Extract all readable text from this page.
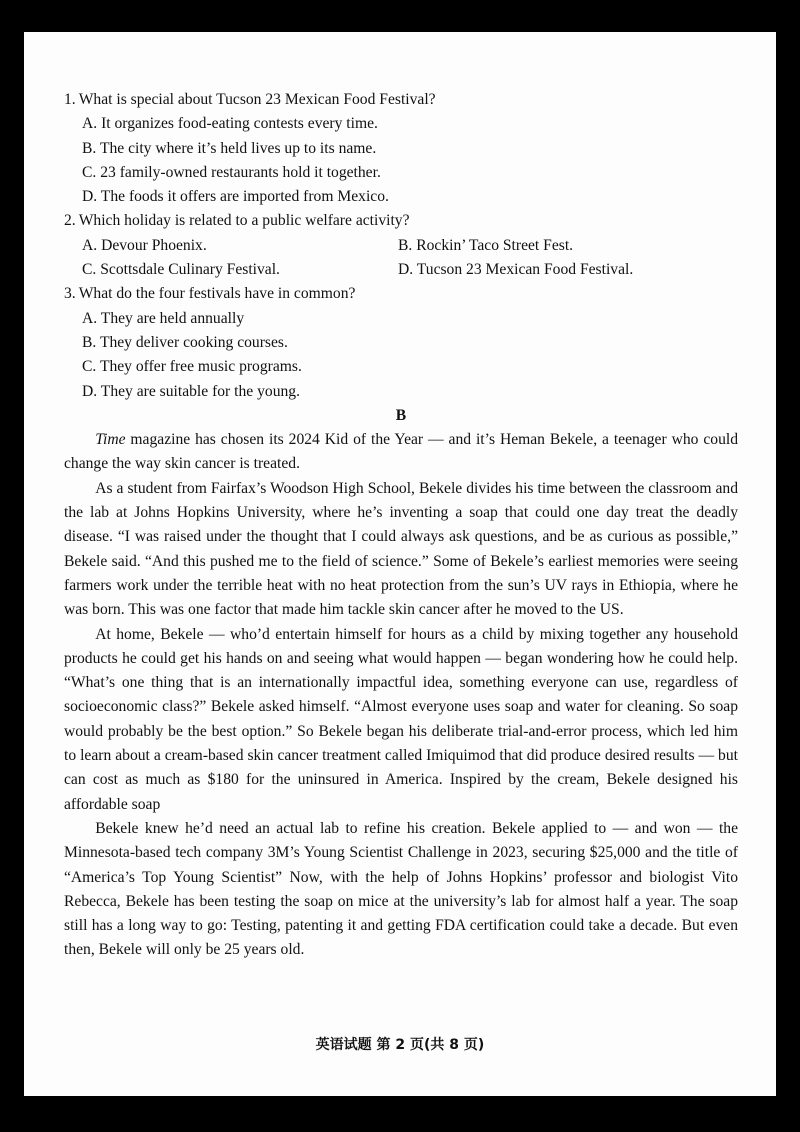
1. What is special about Tucson 23 Mexican Food Festival?

A. It organizes food-eating contests every time.

B. The city where it’s held lives up to its name.

C. 23 family-owned restaurants hold it together.

D. The foods it offers are imported from Mexico.

2. Which holiday is related to a public welfare activity?

A. Devour Phoenix.	B. Rockin’ Taco Street Fest.

C. Scottsdale Culinary Festival.	D. Tucson 23 Mexican Food Festival.

3. What do the four festivals have in common?

A. They are held annually

B. They deliver cooking courses.

C. They offer free music programs.

D. They are suitable for the young.

B

Time magazine has chosen its 2024 Kid of the Year — and it’s Heman Bekele, a teenager who could change the way skin cancer is treated.

As a student from Fairfax’s Woodson High School, Bekele divides his time between the classroom and the lab at Johns Hopkins University, where he’s inventing a soap that could one day treat the deadly disease. “I was raised under the thought that I could always ask questions, and be as curious as possible,” Bekele said. “And this pushed me to the field of science.” Some of Bekele’s earliest memories were seeing farmers work under the terrible heat with no heat protection from the sun’s UV rays in Ethiopia, where he was born. This was one factor that made him tackle skin cancer after he moved to the US.

At home, Bekele — who’d entertain himself for hours as a child by mixing together any household products he could get his hands on and seeing what would happen — began wondering how he could help. “What’s one thing that is an internationally impactful idea, something everyone can use, regardless of socioeconomic class?” Bekele asked himself. “Almost everyone uses soap and water for cleaning. So soap would probably be the best option.” So Bekele began his deliberate trial-and-error process, which led him to learn about a cream-based skin cancer treatment called Imiquimod that did produce desired results — but can cost as much as $180 for the uninsured in America. Inspired by the cream, Bekele designed his affordable soap

Bekele knew he’d need an actual lab to refine his creation. Bekele applied to — and won — the Minnesota-based tech company 3M’s Young Scientist Challenge in 2023, securing $25,000 and the title of “America’s Top Young Scientist” Now, with the help of Johns Hopkins’ professor and biologist Vito Rebecca, Bekele has been testing the soap on mice at the university’s lab for almost half a year. The soap still has a long way to go: Testing, patenting it and getting FDA certification could take a decade. But even then, Bekele will only be 25 years old.

英语试题 第 2 页(共 8 页)
